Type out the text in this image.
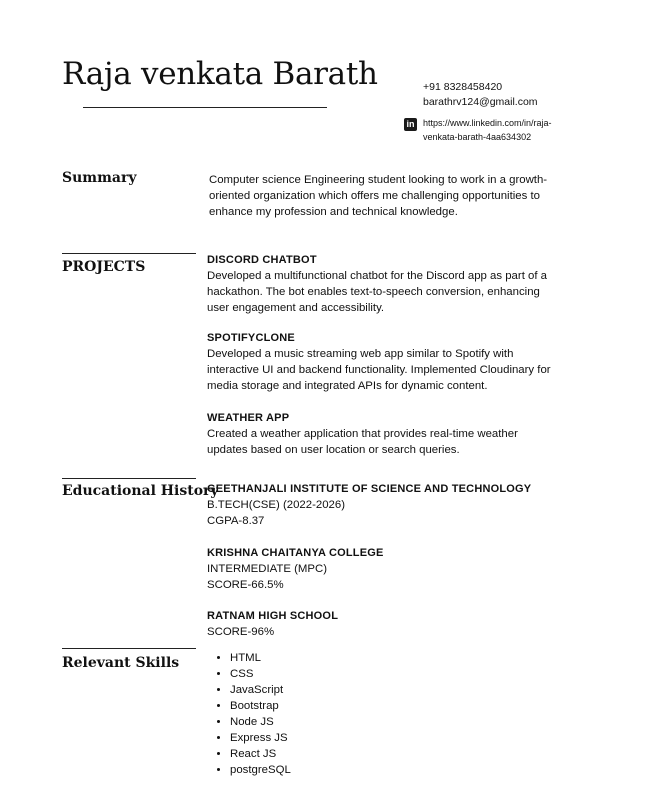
Raja venkata Barath	+91 8328458420
barathrv124@gmail.com
in https://www.linkedin.com/in/raja-
venkata-barath-4aa634302
Summary	Computer science Engineering student looking to work in a growth-
oriented organization which offers me challenging opportunities to
enhance my profession and technical knowledge.
PROJECTS	DISCORD CHATBOT
Developed a multifunctional chatbot for the Discord app as part of a
hackathon. The bot enables text-to-speech conversion, enhancing
user engagement and accessibility.
SPOTIFYCLONE
Developed a music streaming web app similar to Spotify with
interactive UI and backend functionality. Implemented Cloudinary for
media storage and integrated APIs for dynamic content.
WEATHER APP
Created a weather application that provides real-time weather
updates based on user location or search queries.
Educational History
GEETHANJALI INSTITUTE OF SCIENCE AND TECHNOLOGY
B.TECH(CSE) (2022-2026)
CGPA-8.37
KRISHNA CHAITANYA COLLEGE
INTERMEDIATE (MPC)
SCORE-66.5%
RATNAM HIGH SCHOOL
SCORE-96%
Relevant Skills
•	HTML
• CSS
• JavaScript
• Bootstrap
• Node JS
• Express JS
• React JS
• postgreSQL
